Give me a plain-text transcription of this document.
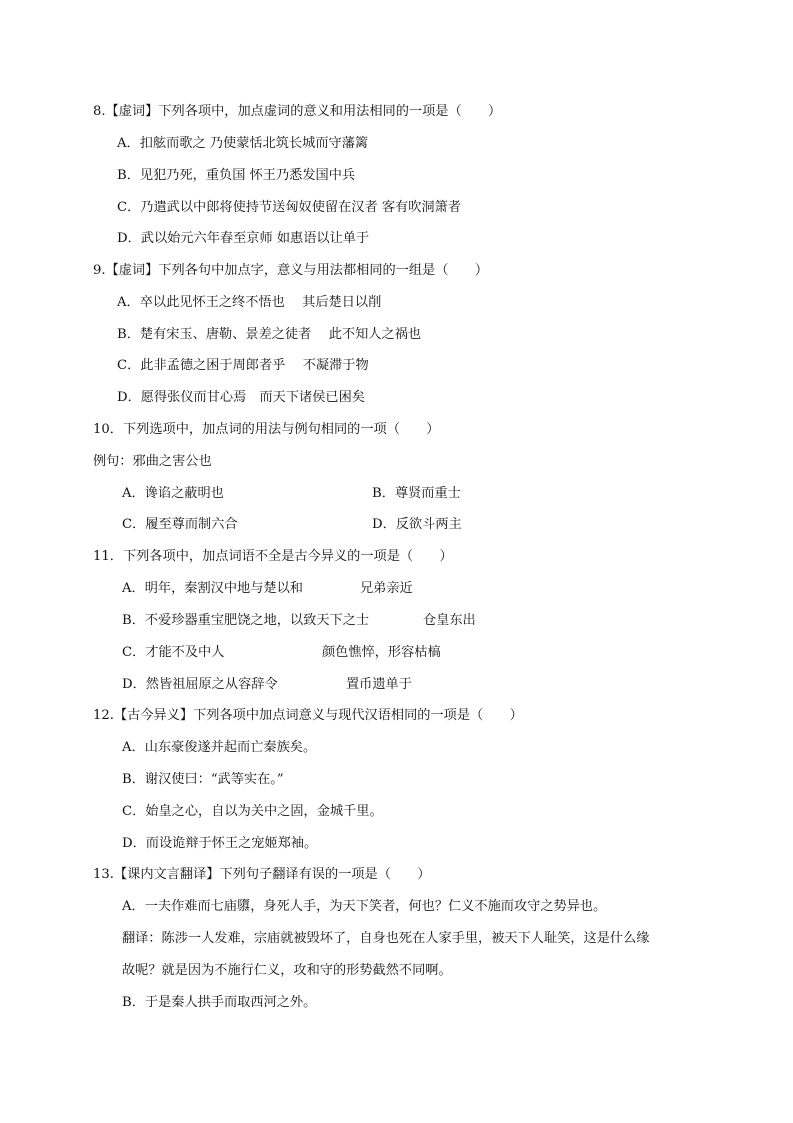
8.【虚词】下列各项中，加点虚词的意义和用法相同的一项是（　　）
A．扣舷而歌之 乃使蒙恬北筑长城而守藩篱
B．见犯乃死，重负国 怀王乃悉发国中兵
C．乃遣武以中郎将使持节送匈奴使留在汉者 客有吹洞箫者
D．武以始元六年春至京师 如惠语以让单于
9.【虚词】下列各句中加点字，意义与用法都相同的一组是（　　）
A．卒以此见怀王之终不悟也　 其后楚日以削
B．楚有宋玉、唐勒、景差之徒者　 此不知人之祸也
C．此非孟德之困于周郎者乎　 不凝滞于物
D．愿得张仪而甘心焉　而天下诸侯已困矣
10．下列选项中，加点词的用法与例句相同的一项（　　）
例句：邪曲之害公也
A．谗谄之蔽明也	B．尊贤而重士
C．履至尊而制六合	D．反欲斗两主
11．下列各项中，加点词语不全是古今异义的一项是（　　）
A．明年，秦割汉中地与楚以和	兄弟亲近
B．不爱珍器重宝肥饶之地，以致天下之士	仓皇东出
C．才能不及中人	颜色憔悴，形容枯槁
D．然皆祖屈原之从容辞令	置币遗单于
12.【古今异义】下列各项中加点词意义与现代汉语相同的一项是（　　）
A．山东豪俊遂并起而亡秦族矣。
B．谢汉使曰：“武等实在。”
C．始皇之心，自以为关中之固，金城千里。
D．而设诡辩于怀王之宠姬郑袖。
13.【课内文言翻译】下列句子翻译有误的一项是（　　）
A．一夫作难而七庙隳，身死人手，为天下笑者，何也？仁义不施而攻守之势异也。
翻译：陈涉一人发难，宗庙就被毁坏了，自身也死在人家手里，被天下人耻笑，这是什么缘
故呢？就是因为不施行仁义，攻和守的形势截然不同啊。
B．于是秦人拱手而取西河之外。
